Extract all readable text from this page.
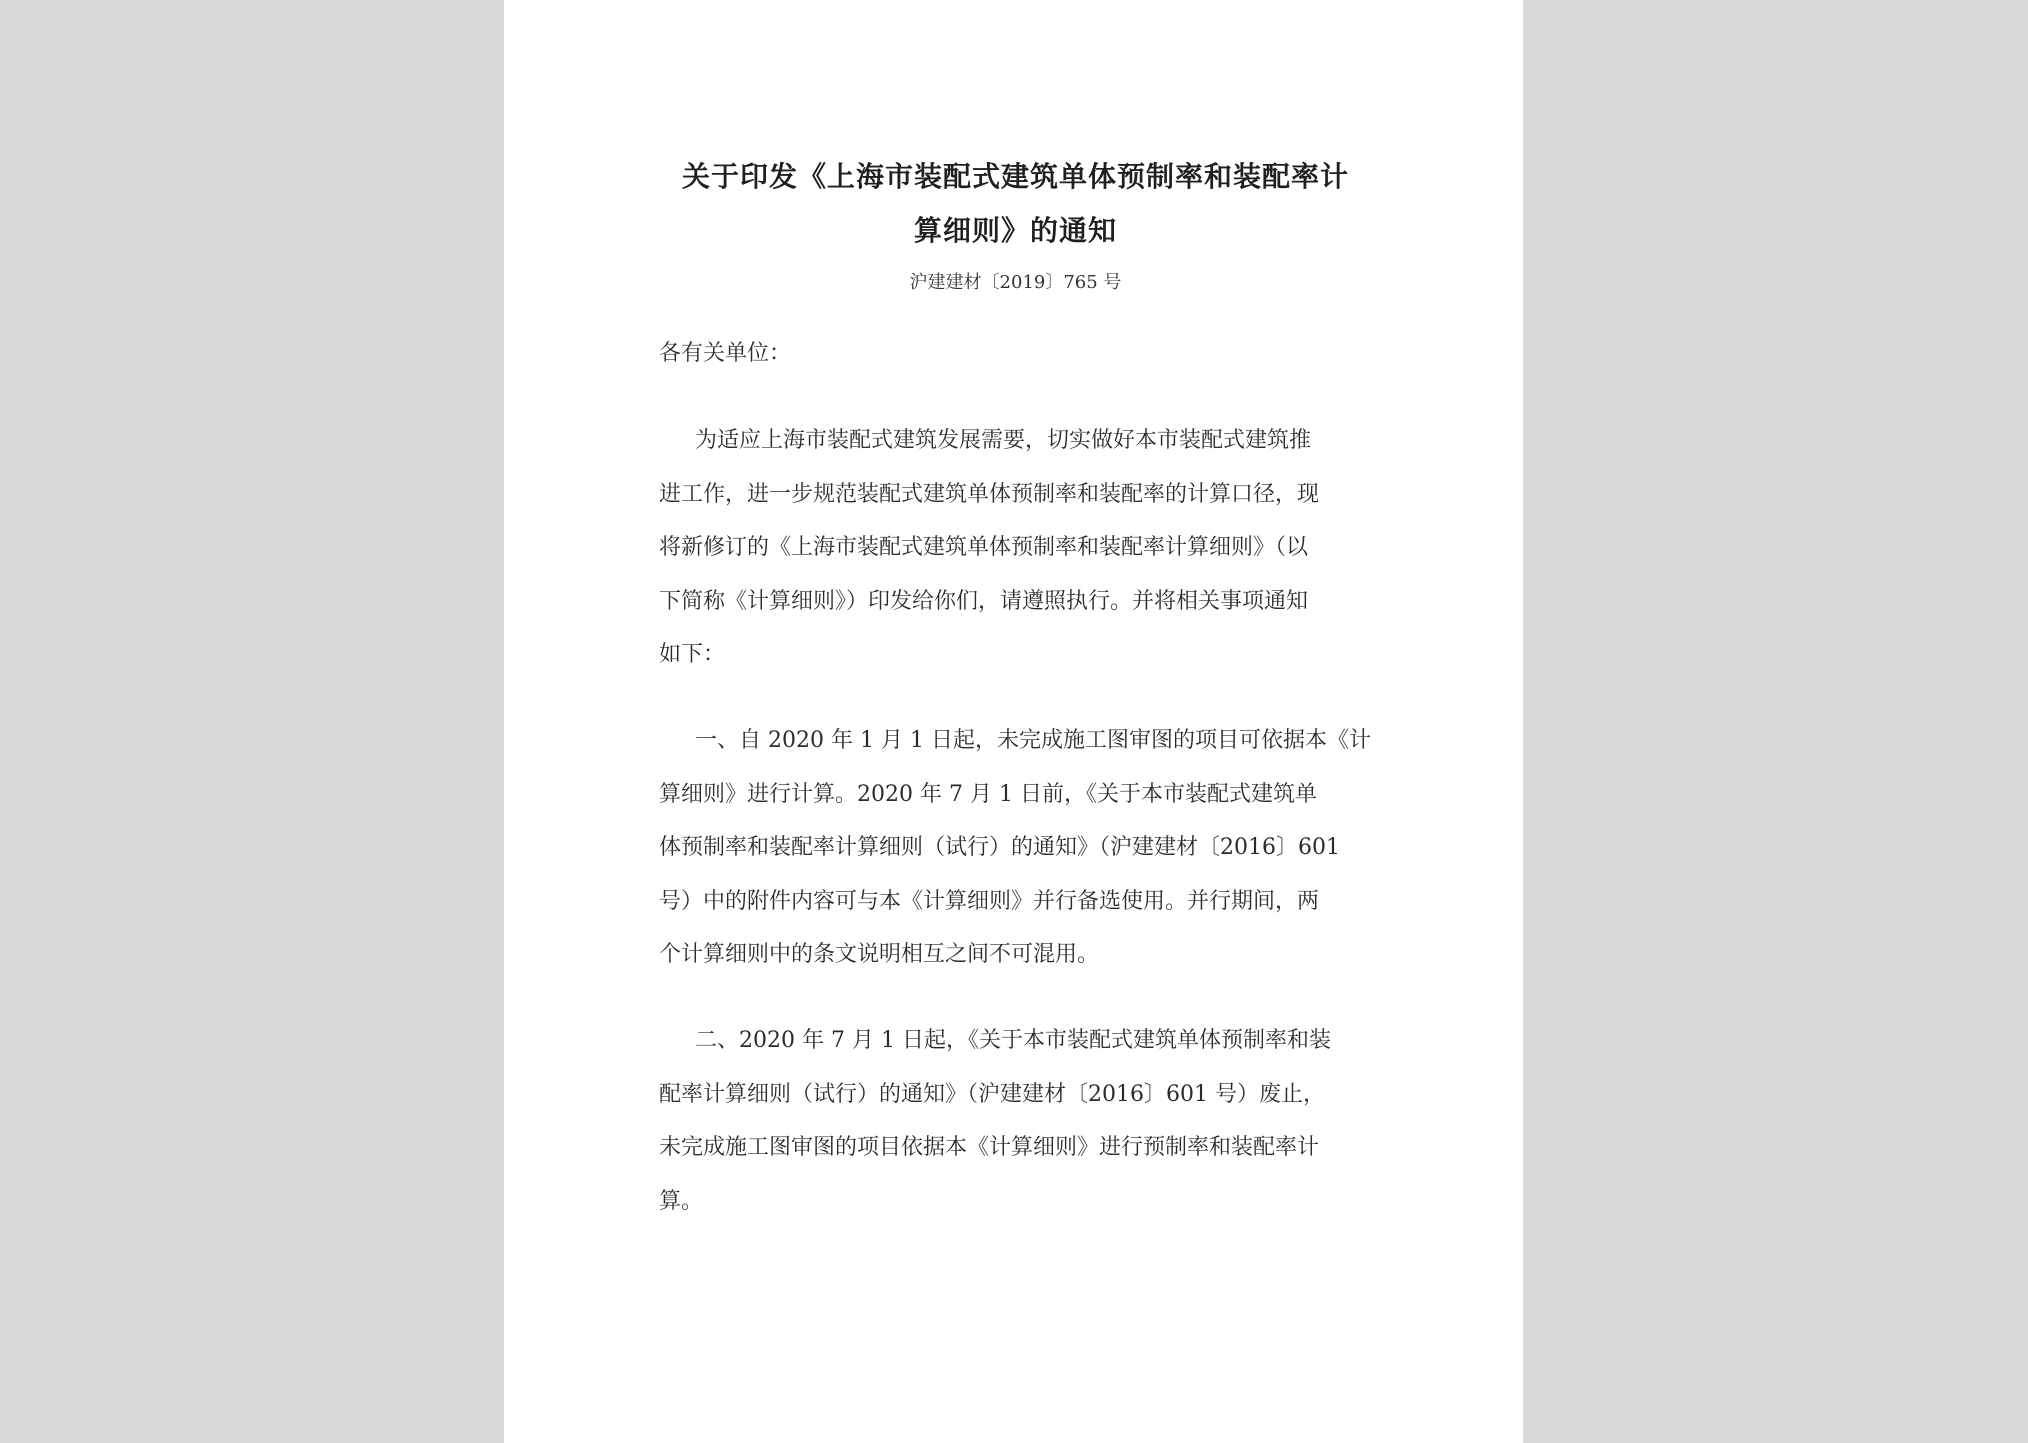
关于印发《上海市装配式建筑单体预制率和装配率计
算细则》的通知
沪建建材〔2019〕765 号
各有关单位：
为适应上海市装配式建筑发展需要，切实做好本市装配式建筑推
进工作，进一步规范装配式建筑单体预制率和装配率的计算口径，现
将新修订的《上海市装配式建筑单体预制率和装配率计算细则》（以
下简称《计算细则》）印发给你们，请遵照执行。并将相关事项通知
如下：
一、自 2020 年 1 月 1 日起，未完成施工图审图的项目可依据本《计
算细则》进行计算。2020 年 7 月 1 日前，《关于本市装配式建筑单
体预制率和装配率计算细则（试行）的通知》（沪建建材〔2016〕601
号）中的附件内容可与本《计算细则》并行备选使用。并行期间，两
个计算细则中的条文说明相互之间不可混用。
二、2020 年 7 月 1 日起，《关于本市装配式建筑单体预制率和装
配率计算细则（试行）的通知》（沪建建材〔2016〕601 号）废止，
未完成施工图审图的项目依据本《计算细则》进行预制率和装配率计
算。
